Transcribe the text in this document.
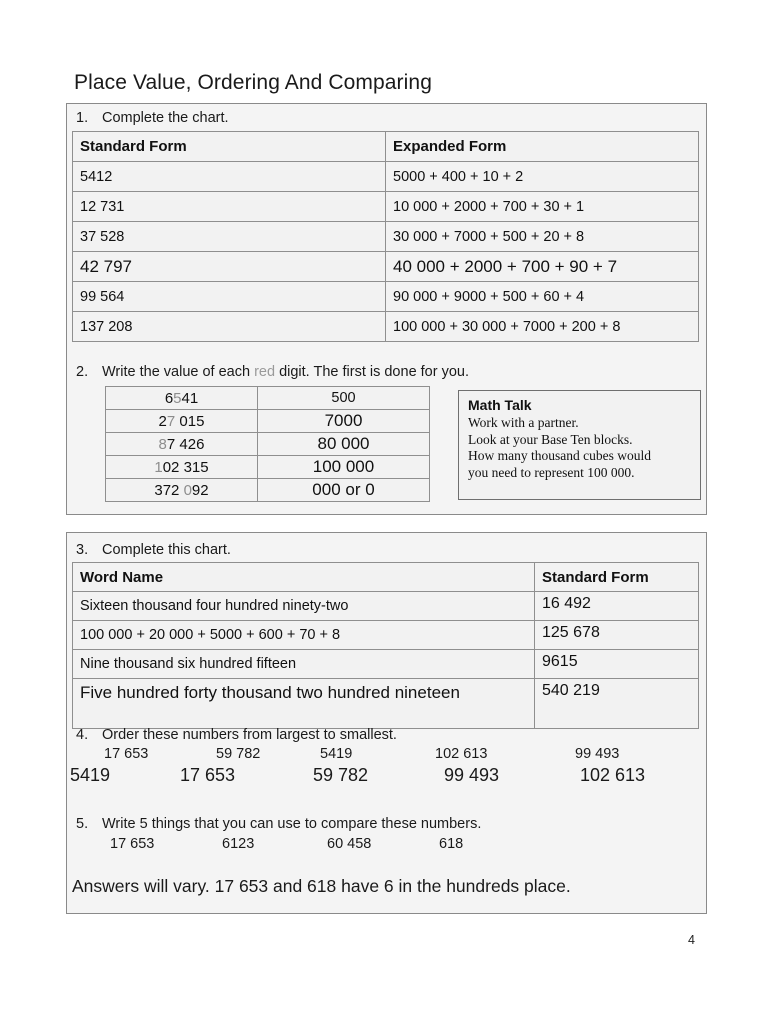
Place Value, Ordering And Comparing
1. Complete the chart.
Standard Form	Expanded Form
5412	5000 + 400 + 10 + 2
12 731	10 000 + 2000 + 700 + 30 + 1
37 528	30 000 + 7000 + 500 + 20 + 8
42 797	40 000 + 2000 + 700 + 90 + 7
99 564	90 000 + 9000 + 500 + 60 + 4
137 208	100 000 + 30 000 + 7000 + 200 + 8
2. Write the value of each red digit. The first is done for you.
6541	500
27 015	7000
87 426	80 000
102 315	100 000
372 092	000 or 0
Math Talk
Work with a partner.
Look at your Base Ten blocks.
How many thousand cubes would
you need to represent 100 000.
3. Complete this chart.
Word Name	Standard Form
Sixteen thousand four hundred ninety-two	16 492
100 000 + 20 000 + 5000 + 600 + 70 + 8	125 678
Nine thousand six hundred fifteen	9615
Five hundred forty thousand two hundred nineteen	540 219
4. Order these numbers from largest to smallest.
17 653	59 782	5419	102 613	99 493
5419	17 653	59 782	99 493	102 613
5. Write 5 things that you can use to compare these numbers.
17 653	6123	60 458	618
Answers will vary. 17 653 and 618 have 6 in the hundreds place.
4
